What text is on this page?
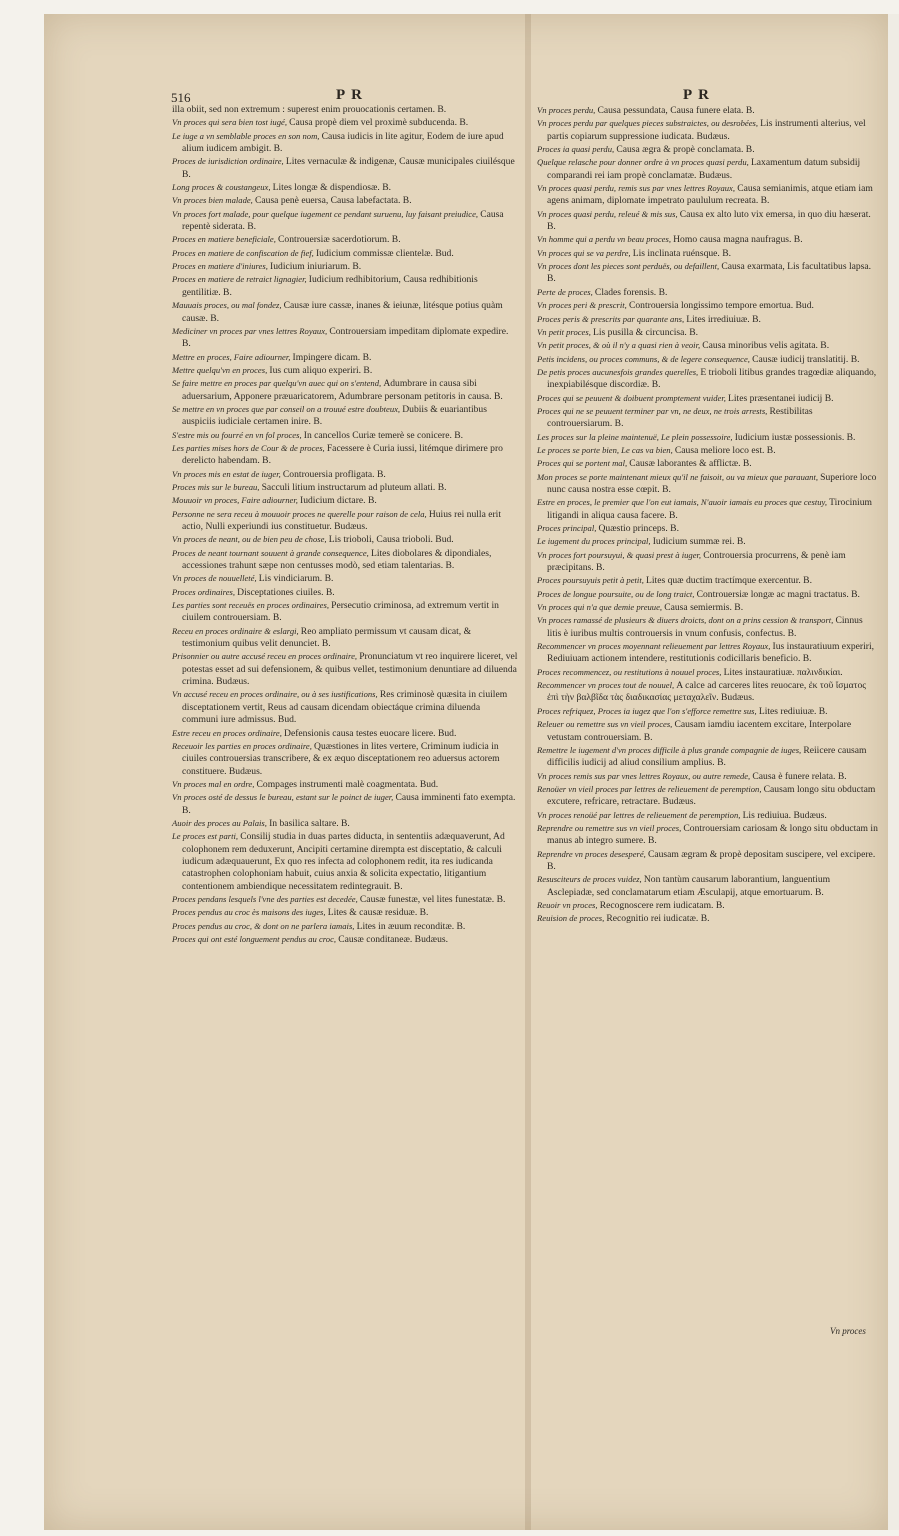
516	PR	PR
illa obiit, sed non extremum : superest enim prouocationis certamen. B.
Vn proces qui sera bien tost iugé, Causa propè diem vel proximè subducenda. B.
Le iuge a vn semblable proces en son nom, Causa iudicis in lite agitur, Eodem de iure apud alium iudicem ambigit. B.
Proces de iurisdiction ordinaire, Lites vernaculæ & indigenæ, Causæ municipales ciuilésque B.
Long proces & coustangeux, Lites longæ & dispendiosæ. B.
Vn proces bien malade, Causa penè euersa, Causa labefactata. B.
Vn proces fort malade, pour quelque iugement ce pendant suruenu, luy faisant preiudice, Causa repentè siderata. B.
Proces en matiere beneficiale, Controuersiæ sacerdotiorum. B.
Proces en matiere de confiscation de fief, Iudicium commissæ clientelæ. Bud.
Proces en matiere d'iniures, Iudicium iniuriarum. B.
Proces en matiere de retraict lignagier, Iudicium redhibitorium, Causa redhibitionis gentilitiæ. B.
Mauuais proces, ou mal fondez, Causæ iure cassæ, inanes & ieiunæ, litésque potius quàm causæ. B.
Mediciner vn proces par vnes lettres Royaux, Controuersiam impeditam diplomate expedire. B.
Mettre en proces, Faire adiourner, Impingere dicam. B.
Mettre quelqu'vn en proces, Ius cum aliquo experiri. B.
Se faire mettre en proces par quelqu'vn auec qui on s'entend, Adumbrare in causa sibi aduersarium, Apponere præuaricatorem, Adumbrare personam petitoris in causa. B.
Se mettre en vn proces que par conseil on a trouué estre doubteux, Dubiis & euariantibus auspiciis iudiciale certamen inire. B.
S'estre mis ou fourré en vn fol proces, In cancellos Curiæ temerè se conicere. B.
Les parties mises hors de Cour & de proces, Facessere è Curia iussi, litémque dirimere pro derelicto habendam. B.
Vn proces mis en estat de iuger, Controuersia profligata. B.
Proces mis sur le bureau, Sacculi litium instructarum ad pluteum allati. B.
Mouuoir vn proces, Faire adiourner, Iudicium dictare. B.
Personne ne sera receu à mouuoir proces ne querelle pour raison de cela, Huius rei nulla erit actio, Nulli experiundi ius constituetur. Budæus.
Vn proces de neant, ou de bien peu de chose, Lis trioboli, Causa trioboli. Bud.
Proces de neant tournant souuent à grande consequence, Lites diobolares & dipondiales, accessiones trahunt sæpe non centusses modò, sed etiam talentarias. B.
Vn proces de nouuelleté, Lis vindiciarum. B.
Proces ordinaires, Disceptationes ciuiles. B.
Les parties sont receuës en proces ordinaires, Persecutio criminosa, ad extremum vertit in ciuilem controuersiam. B.
Receu en proces ordinaire & eslargi, Reo ampliato permissum vt causam dicat, & testimonium quibus velit denunciet. B.
Prisonnier ou autre accusé receu en proces ordinaire, Pronunciatum vt reo inquirere liceret, vel potestas esset ad sui defensionem, & quibus vellet, testimonium denuntiare ad diluenda crimina. Budæus.
Vn accusé receu en proces ordinaire, ou à ses iustifications, Res criminosè quæsita in ciuilem disceptationem vertit, Reus ad causam dicendam obiectáque crimina diluenda communi iure admissus. Bud.
Estre receu en proces ordinaire, Defensionis causa testes euocare licere. Bud.
Receuoir les parties en proces ordinaire, Quæstiones in lites vertere, Criminum iudicia in ciuiles controuersias transcribere, & ex æquo disceptationem reo aduersus actorem constituere. Budæus.
Vn proces mal en ordre, Compages instrumenti malè coagmentata. Bud.
Vn proces osté de dessus le bureau, estant sur le poinct de iuger, Causa imminenti fato exempta. B.
Auoir des proces au Palais, In basilica saltare. B.
Le proces est parti, Consilij studia in duas partes diducta, in sententiis adæquaverunt, Ad colophonem rem deduxerunt, Ancipiti certamine dirempta est disceptatio, & calculi iudicum adæquauerunt, Ex quo res infecta ad colophonem redit, ita res iudicanda catastrophen colophoniam habuit, cuius anxia & solicita expectatio, litigantium contentionem ambiendique necessitatem redintegrauit. B.
Proces pendans lesquels l'vne des parties est decedée, Causæ funestæ, vel lites funestatæ. B.
Proces pendus au croc ès maisons des iuges, Lites & causæ residuæ. B.
Proces pendus au croc, & dont on ne parlera iamais, Lites in æuum reconditæ. B.
Proces qui ont esté longuement pendus au croc, Causæ conditaneæ. Budæus.
Vn proces perdu, Causa pessundata, Causa funere elata. B.
Vn proces perdu par quelques pieces substraictes, ou desrobées, Lis instrumenti alterius, vel partis copiarum suppressione iudicata. Budæus.
Proces ia quasi perdu, Causa ægra & propè conclamata. B.
Quelque relasche pour donner ordre à vn proces quasi perdu, Laxamentum datum subsidij comparandi rei iam propè conclamatæ. Budæus.
Vn proces quasi perdu, remis sus par vnes lettres Royaux, Causa semianimis, atque etiam iam agens animam, diplomate impetrato paululum recreata. B.
Vn proces quasi perdu, releué & mis sus, Causa ex alto luto vix emersa, in quo diu hæserat. B.
Vn homme qui a perdu vn beau proces, Homo causa magna naufragus. B.
Vn proces qui se va perdre, Lis inclinata ruénsque. B.
Vn proces dont les pieces sont perduës, ou defaillent, Causa exarmata, Lis facultatibus lapsa. B.
Perte de proces, Clades forensis. B.
Vn proces peri & prescrit, Controuersia longissimo tempore emortua. Bud.
Proces peris & prescrits par quarante ans, Lites irrediuiuæ. B.
Vn petit proces, Lis pusilla & circuncisa. B.
Vn petit proces, & où il n'y a quasi rien à veoir, Causa minoribus velis agitata. B.
Petis incidens, ou proces communs, & de legere consequence, Causæ iudicij translatitij. B.
De petis proces aucunesfois grandes querelles, E trioboli litibus grandes tragœdiæ aliquando, inexpiabilésque discordiæ. B.
Proces qui se peuuent & doibuent promptement vuider, Lites præsentanei iudicij B.
Proces qui ne se peuuent terminer par vn, ne deux, ne trois arrests, Restibilitas controuersiarum. B.
Les proces sur la pleine maintenuë, Le plein possessoire, Iudicium iustæ possessionis. B.
Le proces se porte bien, Le cas va bien, Causa meliore loco est. B.
Proces qui se portent mal, Causæ laborantes & afflictæ. B.
Mon proces se porte maintenant mieux qu'il ne faisoit, ou va mieux que parauant, Superiore loco nunc causa nostra esse cœpit. B.
Estre en proces, le premier que l'on eut iamais, N'auoir iamais eu proces que cestuy, Tirocinium litigandi in aliqua causa facere. B.
Proces principal, Quæstio princeps. B.
Le iugement du proces principal, Iudicium summæ rei. B.
Vn proces fort poursuyui, & quasi prest à iuger, Controuersia procurrens, & penè iam præcipitans. B.
Proces poursuyuis petit à petit, Lites quæ ductim tractímque exercentur. B.
Proces de longue poursuite, ou de long traict, Controuersiæ longæ ac magni tractatus. B.
Vn proces qui n'a que demie preuue, Causa semiermis. B.
Vn proces ramassé de plusieurs & diuers droicts, dont on a prins cession & transport, Cinnus litis è iuribus multis controuersis in vnum confusis, confectus. B.
Recommencer vn proces moyennant relieuement par lettres Royaux, Ius instauratiuum experiri, Rediuiuam actionem intendere, restitutionis codicillaris beneficio. B.
Proces recommencez, ou restitutions à nouuel proces, Lites instauratiuæ. παλινδικίαι.
Recommencer vn proces tout de nouuel, A calce ad carceres lites reuocare, ἐκ τοῦ ἴσματος ἐπὶ τὴν βαλβῖδα τὰς διαδικασίας μεταχαλεῖν. Budæus.
Proces refriquez, Proces ia iugez que l'on s'efforce remettre sus, Lites rediuiuæ. B.
Releuer ou remettre sus vn vieil proces, Causam iamdiu iacentem excitare, Interpolare vetustam controuersiam. B.
Remettre le iugement d'vn proces difficile à plus grande compagnie de iuges, Reiicere causam difficilis iudicij ad aliud consilium amplius. B.
Vn proces remis sus par vnes lettres Royaux, ou autre remede, Causa è funere relata. B.
Renoüer vn vieil proces par lettres de relieuement de peremption, Causam longo situ obductam excutere, refricare, retractare. Budæus.
Vn proces renoüé par lettres de relieuement de peremption, Lis rediuiua. Budæus.
Reprendre ou remettre sus vn vieil proces, Controuersiam cariosam & longo situ obductam in manus ab integro sumere. B.
Reprendre vn proces desesperé, Causam ægram & propè depositam suscipere, vel excipere. B.
Resusciteurs de proces vuidez, Non tantùm causarum laborantium, languentium Asclepiadæ, sed conclamatarum etiam Æsculapij, atque emortuarum. B.
Reuoir vn proces, Recognoscere rem iudicatam. B.
Reuision de proces, Recognitio rei iudicatæ. B.
Vn proces
